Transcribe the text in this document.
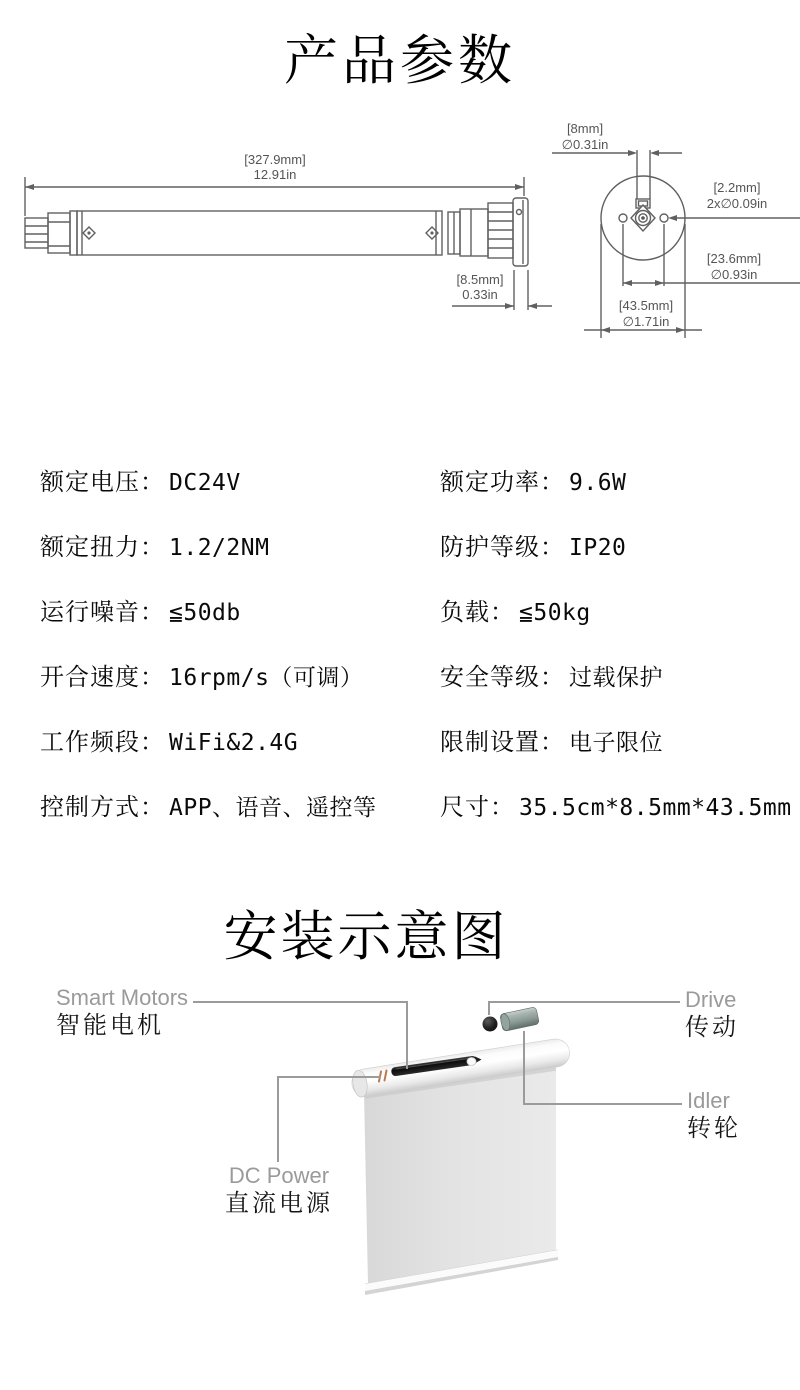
产品参数
安装示意图
[327.9mm]
12.91in
[8.5mm]
0.33in
[8mm]
∅0.31in
[2.2mm]
2x∅0.09in
[23.6mm]
∅0.93in
[43.5mm]
∅1.71in
额定电压： DC24V
额定扭力： 1.2/2NM
运行噪音： ≦50db
开合速度： 16rpm/s（可调）
工作频段： WiFi&2.4G
控制方式： APP、语音、遥控等
额定功率： 9.6W
防护等级： IP20
负载： ≦50kg
安全等级： 过载保护
限制设置： 电子限位
尺寸： 35.5cm*8.5mm*43.5mm
Smart Motors
智能电机
Drive
传动
Idler
转轮
DC Power
直流电源
